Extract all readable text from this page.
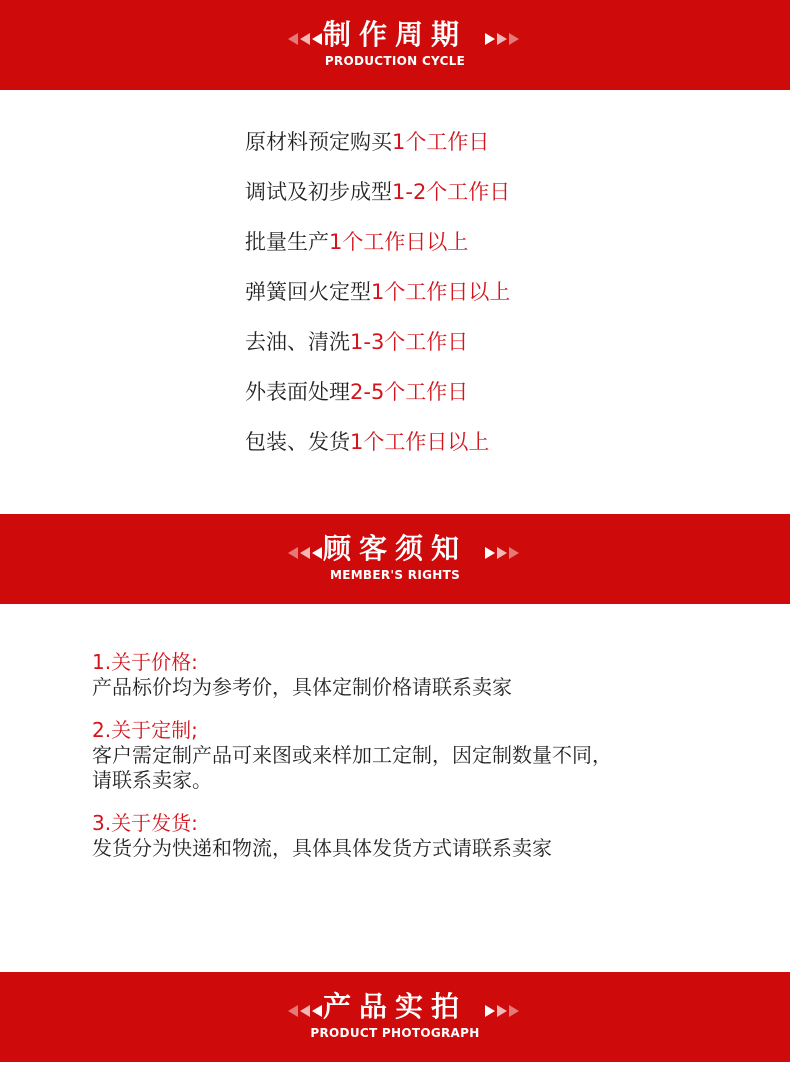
制作周期
PRODUCTION CYCLE
原材料预定购买1个工作日
调试及初步成型1-2个工作日
批量生产1个工作日以上
弹簧回火定型1个工作日以上
去油、清洗1-3个工作日
外表面处理2-5个工作日
包装、发货1个工作日以上
顾客须知
MEMBER'S RIGHTS
1.关于价格:
产品标价均为参考价，具体定制价格请联系卖家
2.关于定制;
客户需定制产品可来图或来样加工定制，因定制数量不同，
请联系卖家。
3.关于发货:
发货分为快递和物流，具体具体发货方式请联系卖家
产品实拍
PRODUCT PHOTOGRAPH
